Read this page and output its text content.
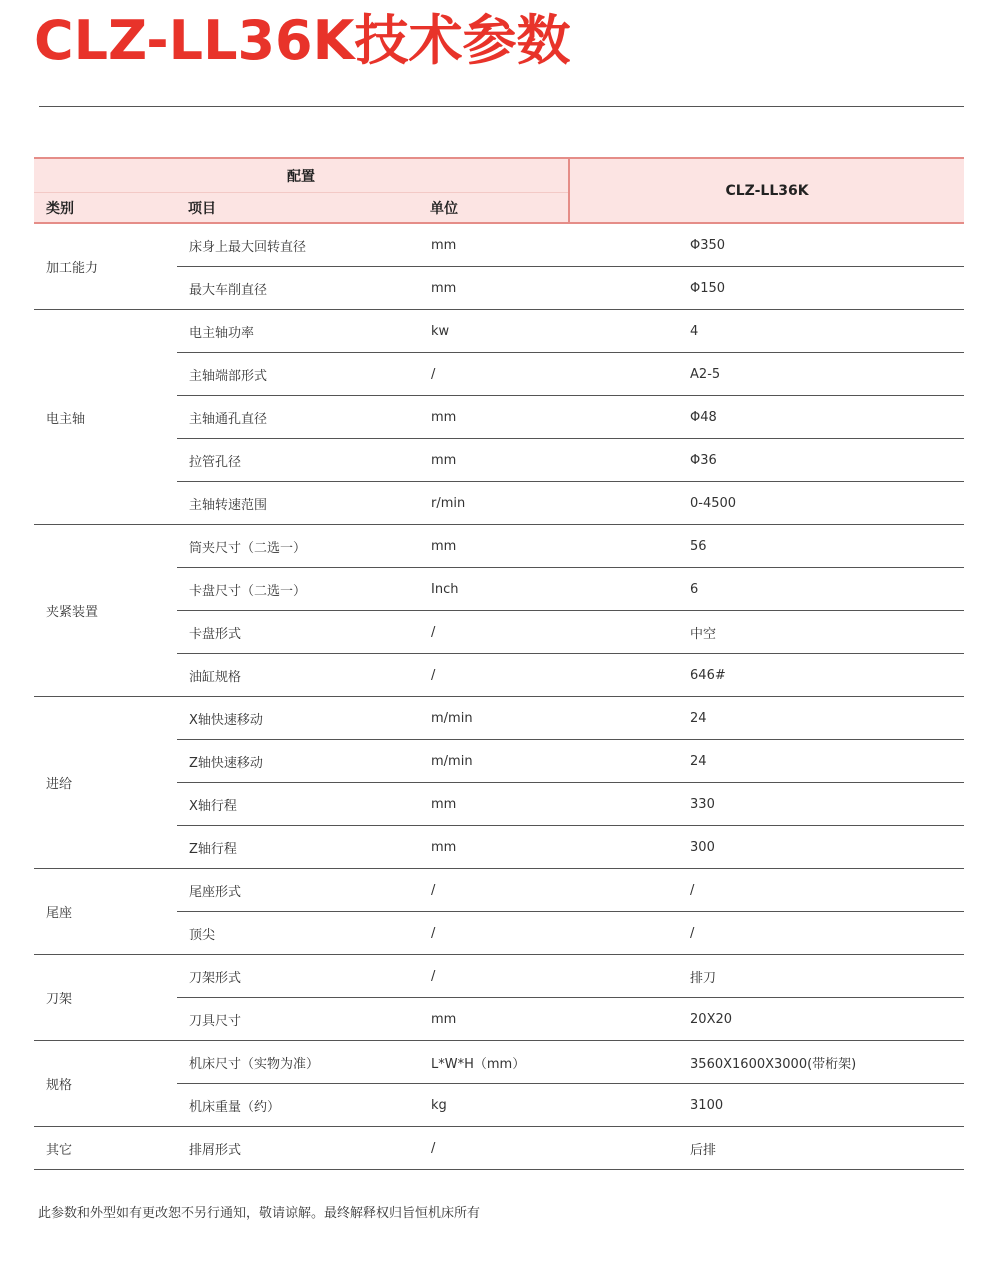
CLZ-LL36K技术参数
配置			CLZ-LL36K
类别	项目	单位	
加工能力	床身上最大回转直径	mm	Φ350
	最大车削直径	mm	Φ150
电主轴	电主轴功率	kw	4
	主轴端部形式	/	A2-5
	主轴通孔直径	mm	Φ48
	拉管孔径	mm	Φ36
	主轴转速范围	r/min	0-4500
夹紧装置	筒夹尺寸（二选一）	mm	56
	卡盘尺寸（二选一）	Inch	6
	卡盘形式	/	中空
	油缸规格	/	646#
进给	X轴快速移动	m/min	24
	Z轴快速移动	m/min	24
	X轴行程	mm	330
	Z轴行程	mm	300
尾座	尾座形式	/	/
	顶尖	/	/
刀架	刀架形式	/	排刀
	刀具尺寸	mm	20X20
规格	机床尺寸（实物为准）	L*W*H（mm）	3560X1600X3000(带桁架)
	机床重量（约）	kg	3100
其它	排屑形式	/	后排

此参数和外型如有更改恕不另行通知，敬请谅解。最终解释权归旨恒机床所有
